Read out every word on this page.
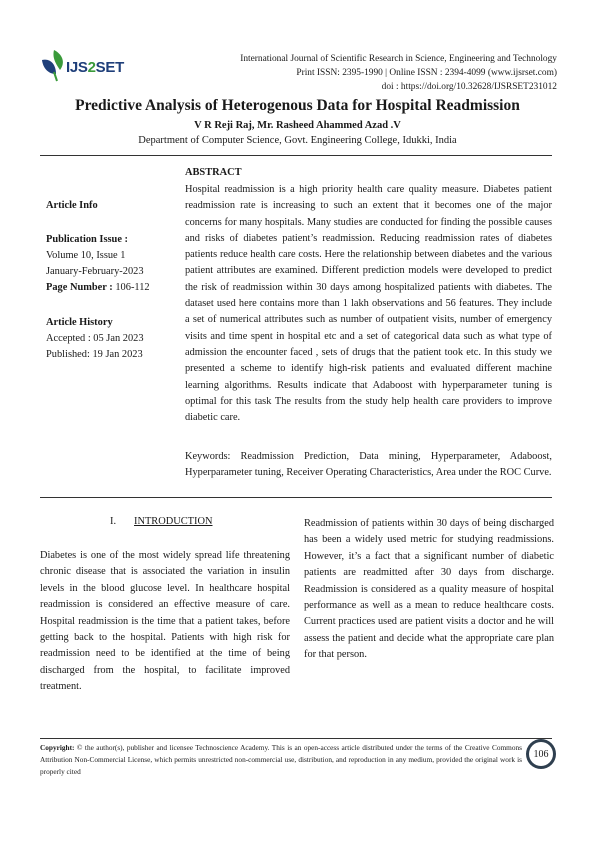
IJS2SET	International Journal of Scientific Research in Science, Engineering and Technology
Print ISSN: 2395-1990 | Online ISSN : 2394-4099 (www.ijsrset.com)
doi : https://doi.org/10.32628/IJSRSET231012
Predictive Analysis of Heterogenous Data for Hospital Readmission
V R Reji Raj, Mr. Rasheed Ahammed Azad .V
Department of Computer Science, Govt. Engineering College, Idukki, India
Article Info
Publication Issue :
Volume 10, Issue 1
January-February-2023
Page Number : 106-112
Article History
Accepted : 05 Jan 2023
Published: 19 Jan 2023
ABSTRACT
Hospital readmission is a high priority health care quality measure. Diabetes patient readmission rate is increasing to such an extent that it becomes one of the major concerns for many hospitals. Many studies are conducted for finding the possible causes and risks of diabetes patient’s readmission. Reducing readmission rates of diabetes patients reduce health care costs. Here the relationship between diabetes and the various patient attributes are examined. Different prediction models were developed to predict the risk of readmission within 30 days among hospitalized patients with diabetes. The dataset used here contains more than 1 lakh observations and 56 features. They include a set of numerical attributes such as number of outpatient visits, number of emergency visits and time spent in hospital etc and a set of categorical data such as what type of admission the encounter faced , sets of drugs that the patient took etc. In this study we presented a scheme to identify high-risk patients and evaluated different machine learning algorithms. Results indicate that Adaboost with hyperparameter tuning is optimal for this task The results from the study help health care providers to improve diabetic care.
Keywords: Readmission Prediction, Data mining, Hyperparameter, Adaboost, Hyperparameter tuning, Receiver Operating Characteristics, Area under the ROC Curve.
I. INTRODUCTION
Diabetes is one of the most widely spread life threatening chronic disease that is associated the variation in insulin levels in the blood glucose level. In healthcare hospital readmission is considered an effective measure of care. Hospital readmission is the time that a patient takes, before getting back to the hospital. Patients with high risk for readmission need to be identified at the time of being discharged from the hospital, to facilitate improved treatment.
Readmission of patients within 30 days of being discharged has been a widely used metric for studying readmissions. However, it’s a fact that a significant number of diabetic patients are readmitted after 30 days from discharge. Readmission is considered as a quality measure of hospital performance as well as a mean to reduce healthcare costs. Current practices used are patient visits a doctor and he will assess the patient and decide what the appropriate care plan for that person.
Copyright: © the author(s), publisher and licensee Technoscience Academy. This is an open-access article distributed under the terms of the Creative Commons Attribution Non-Commercial License, which permits unrestricted non-commercial use, distribution, and reproduction in any medium, provided the original work is properly cited
106
